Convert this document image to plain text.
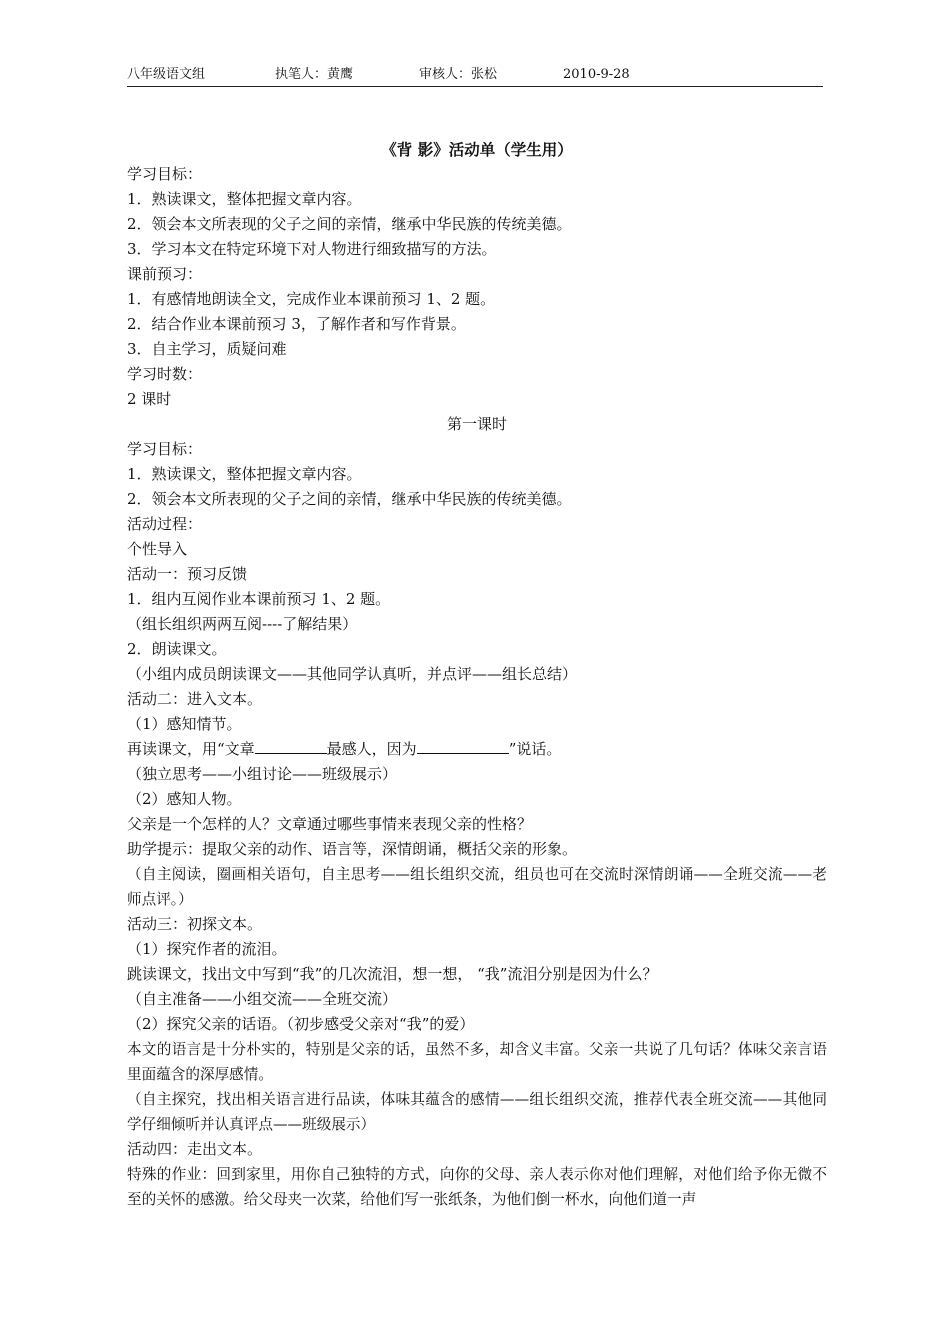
八年级语文组	执笔人：黄鹰	审核人：张松	2010-9-28
《背 影》活动单（学生用）
学习目标：
1．熟读课文，整体把握文章内容。
2．领会本文所表现的父子之间的亲情，继承中华民族的传统美德。
3．学习本文在特定环境下对人物进行细致描写的方法。
课前预习：
1．有感情地朗读全文，完成作业本课前预习 1、2 题。
2．结合作业本课前预习 3，了解作者和写作背景。
3．自主学习，质疑问难
学习时数：
2 课时
第一课时
学习目标：
1．熟读课文，整体把握文章内容。
2．领会本文所表现的父子之间的亲情，继承中华民族的传统美德。
活动过程：
个性导入
活动一：预习反馈
1．组内互阅作业本课前预习 1、2 题。
（组长组织两两互阅----了解结果）
2．朗读课文。
（小组内成员朗读课文——其他同学认真听，并点评——组长总结）
活动二：进入文本。
（1）感知情节。
再读课文，用“文章	最感人，因为	”说话。
（独立思考——小组讨论——班级展示）
（2）感知人物。
父亲是一个怎样的人？文章通过哪些事情来表现父亲的性格？
助学提示：提取父亲的动作、语言等，深情朗诵，概括父亲的形象。
（自主阅读，圈画相关语句，自主思考——组长组织交流，组员也可在交流时深情朗诵——全班交流——老师点评。）
活动三：初探文本。
（1）探究作者的流泪。
跳读课文，找出文中写到“我”的几次流泪，想一想， “我”流泪分别是因为什么？
（自主准备——小组交流——全班交流）
（2）探究父亲的话语。（初步感受父亲对“我”的爱）
本文的语言是十分朴实的，特别是父亲的话，虽然不多，却含义丰富。父亲一共说了几句话？体味父亲言语里面蕴含的深厚感情。
（自主探究，找出相关语言进行品读，体味其蕴含的感情——组长组织交流，推荐代表全班交流——其他同学仔细倾听并认真评点——班级展示）
活动四：走出文本。
特殊的作业：回到家里，用你自己独特的方式，向你的父母、亲人表示你对他们理解，对他们给予你无微不至的关怀的感激。给父母夹一次菜，给他们写一张纸条，为他们倒一杯水，向他们道一声
